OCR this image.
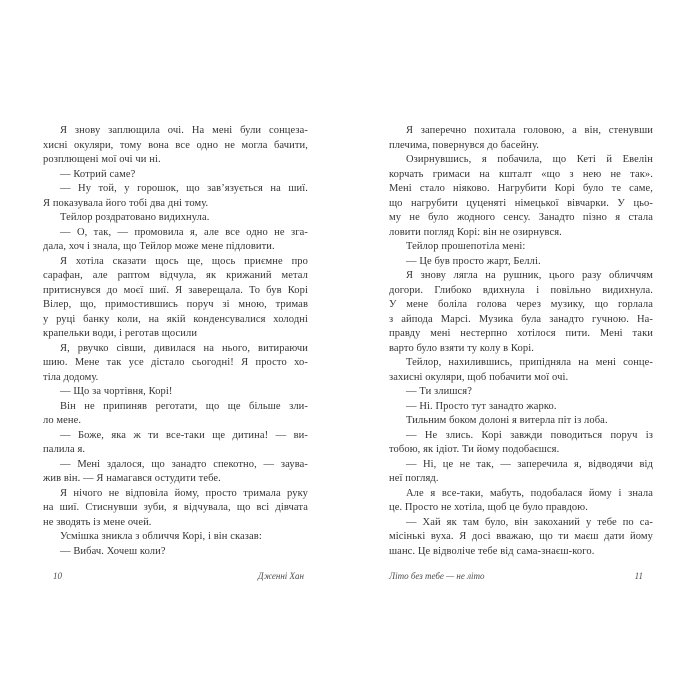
Я знову заплющила очі. На мені були сонцеза-
хисні окуляри, тому вона все одно не могла бачити,
розплющені мої очі чи ні.
— Котрий саме?
— Ну той, у горошок, що зав’язується на шиї.
Я показувала його тобі два дні тому.
Тейлор роздратовано видихнула.
— О, так, — промовила я, але все одно не зга-
дала, хоч і знала, що Тейлор може мене підловити.
Я хотіла сказати щось ще, щось приємне про
сарафан, але раптом відчула, як крижаний метал
притиснувся до моєї шиї. Я заверещала. То був Корі
Вілер, що, примостившись поруч зі мною, тримав
у руці банку коли, на якій конденсувалися холодні
крапельки води, і реготав щосили
Я, рвучко сівши, дивилася на нього, витираючи
шию. Мене так усе дістало сьогодні! Я просто хо-
тіла додому.
— Що за чортівня, Корі!
Він не припиняв реготати, що ще більше зли-
ло мене.
— Боже, яка ж ти все-таки ще дитина! — ви-
палила я.
— Мені здалося, що занадто спекотно, — заува-
жив він. — Я намагався остудити тебе.
Я нічого не відповіла йому, просто тримала руку
на шиї. Стиснувши зуби, я відчувала, що всі дівчата
не зводять із мене очей.
Усмішка зникла з обличчя Корі, і він сказав:
— Вибач. Хочеш коли?
10	Дженні Хан
Я заперечно похитала головою, а він, стенувши
плечима, повернувся до басейну.
Озирнувшись, я побачила, що Кеті й Евелін
корчать гримаси на кшталт «що з нею не так».
Мені стало ніяково. Нагрубити Корі було те саме,
що нагрубити цуценяті німецької вівчарки. У цьо-
му не було жодного сенсу. Занадто пізно я стала
ловити погляд Корі: він не озирнувся.
Тейлор прошепотіла мені:
— Це був просто жарт, Беллі.
Я знову лягла на рушник, цього разу обличчям
догори. Глибоко вдихнула і повільно видихнула.
У мене боліла голова через музику, що горлала
з айпода Марсі. Музика була занадто гучною. На-
правду мені нестерпно хотілося пити. Мені таки
варто було взяти ту колу в Корі.
Тейлор, нахилившись, припідняла на мені сонце-
захисні окуляри, щоб побачити мої очі.
— Ти злишся?
— Ні. Просто тут занадто жарко.
Тильним боком долоні я витерла піт із лоба.
— Не злись. Корі завжди поводиться поруч із
тобою, як ідіот. Ти йому подобаєшся.
— Ні, це не так, — заперечила я, відводячи від
неї погляд.
Але я все-таки, мабуть, подобалася йому і знала
це. Просто не хотіла, щоб це було правдою.
— Хай як там було, він закоханий у тебе по са-
місінькі вуха. Я досі вважаю, що ти маєш дати йому
шанс. Це відволіче тебе від сама-знаєш-кого.
Літо без тебе — не літо	11
